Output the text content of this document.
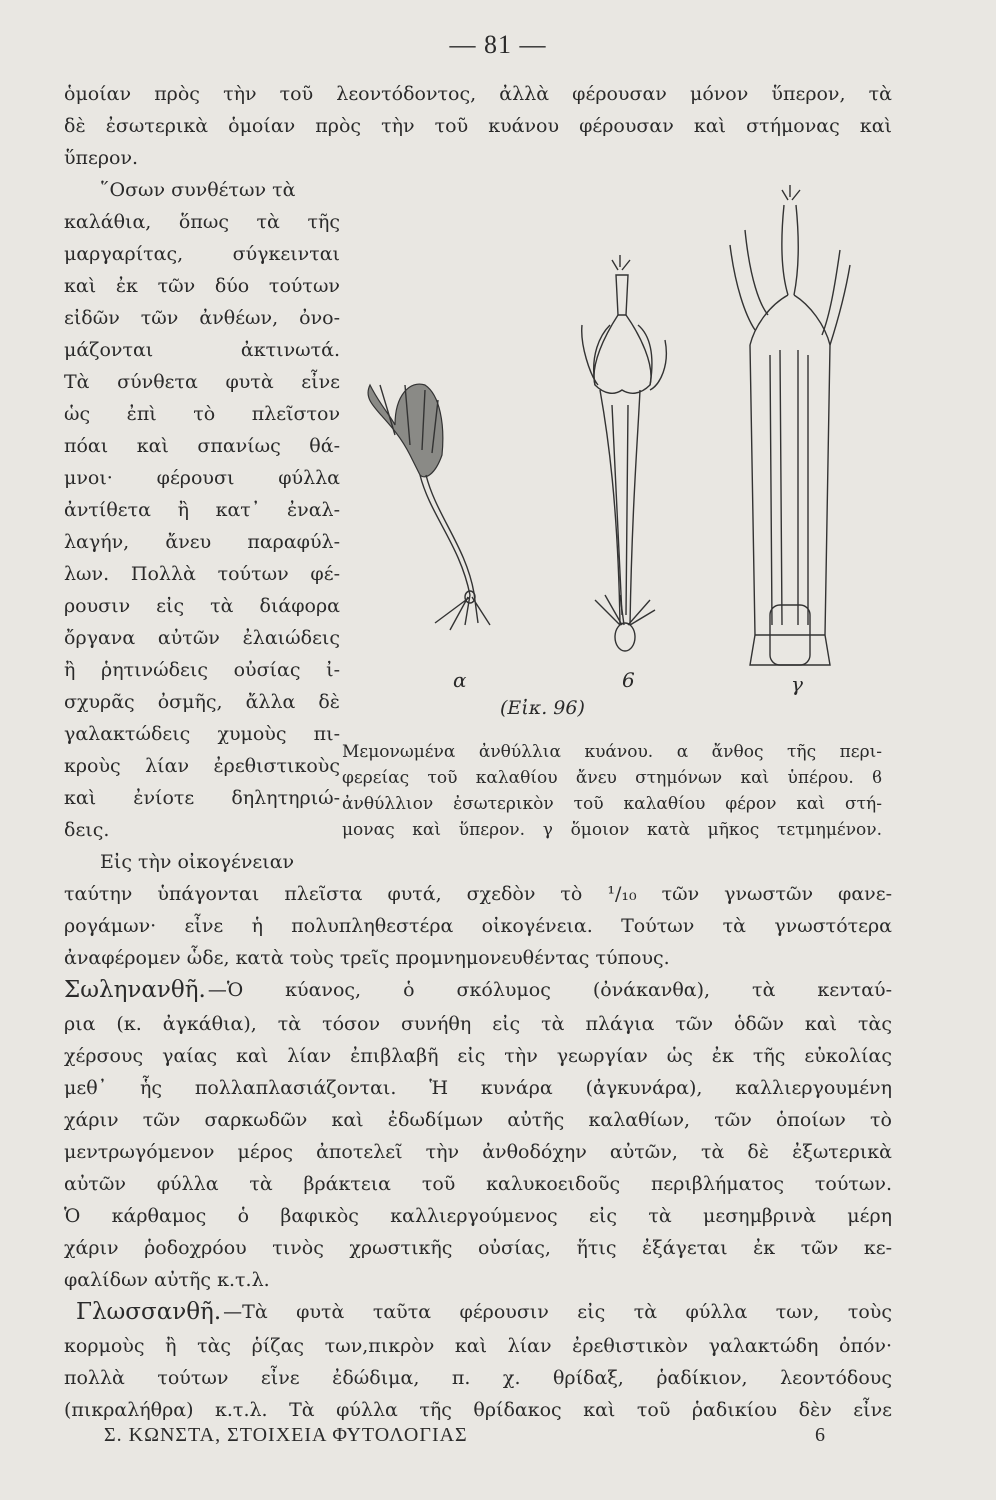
— 81 —
ὁμοίαν πρὸς τὴν τοῦ λεοντόδοντος, ἀλλὰ φέρουσαν μόνον ὕπερον, τὰ
δὲ ἐσωτερικὰ ὁμοίαν πρὸς τὴν τοῦ κυάνου φέρουσαν καὶ στήμονας καὶ
ὕπερον.
῞Οσων συνθέτων τὰ
καλάθια, ὅπως τὰ τῆς
μαργαρίτας, σύγκεινται
καὶ ἐκ τῶν δύο τούτων
εἰδῶν τῶν ἀνθέων, ὀνο-
μάζονται ἀκτινωτά.
Τὰ σύνθετα φυτὰ εἶνε
ὡς ἐπὶ τὸ πλεῖστον
πόαι καὶ σπανίως θά-
μνοι· φέρουσι φύλλα
ἀντίθετα ἢ κατ᾽ ἐναλ-
λαγήν, ἄνευ παραφύλ-
λων. Πολλὰ τούτων φέ-
ρουσιν εἰς τὰ διάφορα
ὄργανα αὐτῶν ἐλαιώδεις
ἢ ῥητινώδεις οὐσίας ἰ-
σχυρᾶς ὀσμῆς, ἄλλα δὲ
γαλακτώδεις χυμοὺς πι-
κροὺς λίαν ἐρεθιστικοὺς
καὶ ἐνίοτε δηλητηριώ-
δεις.
α	6	γ
(Εἰκ. 96)
Μεμονωμένα ἀνθύλλια κυάνου. α ἄνθος τῆς περι-
φερείας τοῦ καλαθίου ἄνευ στημόνων καὶ ὑπέρου. ϐ
ἀνθύλλιον ἐσωτερικὸν τοῦ καλαθίου φέρον καὶ στή-
μονας καὶ ὕπερον. γ ὅμοιον κατὰ μῆκος τετμημένον.
Εἰς τὴν οἰκογένειαν
ταύτην ὑπάγονται πλεῖστα φυτά, σχεδὸν τὸ ¹/₁₀ τῶν γνωστῶν φανε-
ρογάμων· εἶνε ἡ πολυπληθεστέρα οἰκογένεια. Τούτων τὰ γνωστότερα
ἀναφέρομεν ὧδε, κατὰ τοὺς τρεῖς προμνημονευθέντας τύπους.
Σωληνανθῆ. —Ὁ κύανος, ὁ σκόλυμος (ὀνάκανθα), τὰ κενταύ-
ρια (κ. ἀγκάθια), τὰ τόσον συνήθη εἰς τὰ πλάγια τῶν ὁδῶν καὶ τὰς
χέρσους γαίας καὶ λίαν ἐπιβλαβῆ εἰς τὴν γεωργίαν ὡς ἐκ τῆς εὐκολίας
μεθ᾽ ἧς πολλαπλασιάζονται. Ἡ κυνάρα (ἀγκυνάρα), καλλιεργουμένη
χάριν τῶν σαρκωδῶν καὶ ἐδωδίμων αὐτῆς καλαθίων, τῶν ὁποίων τὸ
μεντρωγόμενον μέρος ἀποτελεῖ τὴν ἀνθοδόχην αὐτῶν, τὰ δὲ ἐξωτερικὰ
αὐτῶν φύλλα τὰ βράκτεια τοῦ καλυκοειδοῦς περιβλήματος τούτων.
Ὁ κάρθαμος ὁ βαφικὸς καλλιεργούμενος εἰς τὰ μεσημβρινὰ μέρη
χάριν ῥοδοχρόου τινὸς χρωστικῆς οὐσίας, ἥτις ἐξάγεται ἐκ τῶν κε-
φαλίδων αὐτῆς κ.τ.λ.
Γλωσσανθῆ. —Τὰ φυτὰ ταῦτα φέρουσιν εἰς τὰ φύλλα των, τοὺς
κορμοὺς ἢ τὰς ῥίζας των,πικρὸν καὶ λίαν ἐρεθιστικὸν γαλακτώδη ὀπόν·
πολλὰ τούτων εἶνε ἐδώδιμα, π. χ. θρίδαξ, ῥαδίκιον, λεοντόδους
(πικραλήθρα) κ.τ.λ. Τὰ φύλλα τῆς θρίδακος καὶ τοῦ ῥαδικίου δὲν εἶνε
Σ. ΚΩΝΣΤΑ, ΣΤΟΙΧΕΙΑ ΦΥΤΟΛΟΓΙΑΣ	6
